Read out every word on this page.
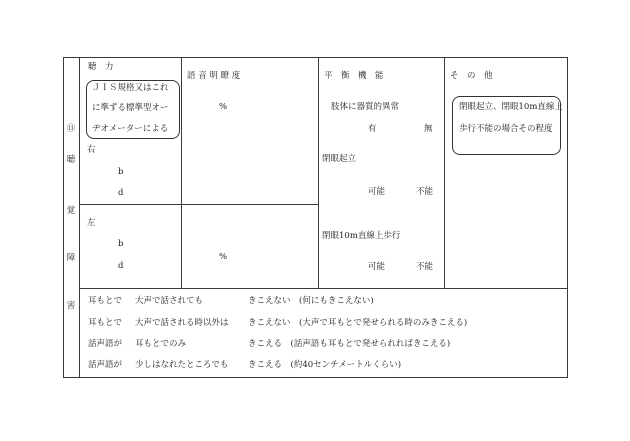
⑪
聴
覚
障
害
聴　力
ＪＩＳ規格又はこれ
に準ずる標準型オー
ヂオメーターによる
右
b
d
左
b
d
語 音 明 瞭 度
%
%
平　衡　機　能
肢体に器質的異常
有	無
閉眼起立
可能	不能
閉眼10m直線上歩行
可能	不能
そ　の　他
閉眼起立、閉眼10m直線上
歩行不能の場合その程度
耳もとで 大声で話されても	きこえない　(何にもきこえない)
耳もとで 大声で話される時以外は きこえない　(大声で耳もとで発せられる時のみきこえる)
話声語が 耳もとでのみ	きこえる　(話声語も耳もとで発せられればきこえる)
話声語が 少しはなれたところでも きこえる　(約40センチメートルくらい)
